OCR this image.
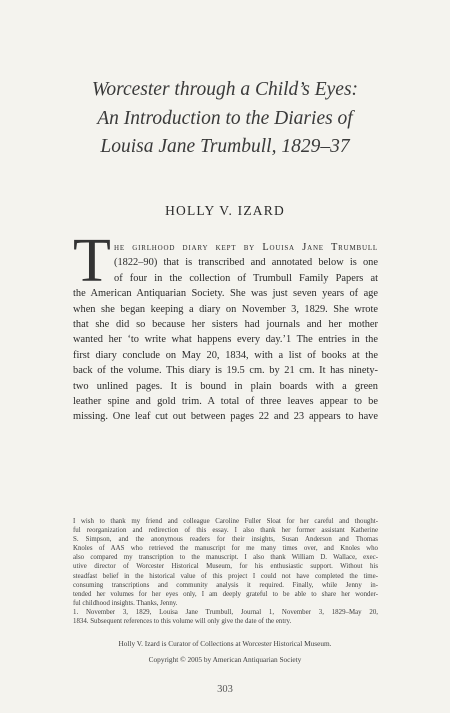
Worcester through a Child’s Eyes:
An Introduction to the Diaries of
Louisa Jane Trumbull, 1829–37
HOLLY V. IZARD
T he girlhood diary kept by Louisa Jane Trumbull
(1822–90) that is transcribed and annotated below is one
of four in the collection of Trumbull Family Papers at
the American Antiquarian Society. She was just seven years of age
when she began keeping a diary on November 3, 1829. She wrote
that she did so because her sisters had journals and her mother
wanted her ‘to write what happens every day.’1 The entries in the
first diary conclude on May 20, 1834, with a list of books at the
back of the volume. This diary is 19.5 cm. by 21 cm. It has ninety-
two unlined pages. It is bound in plain boards with a green
leather spine and gold trim. A total of three leaves appear to be
missing. One leaf cut out between pages 22 and 23 appears to have
I wish to thank my friend and colleague Caroline Fuller Sloat for her careful and thought-
ful reorganization and redirection of this essay. I also thank her former assistant Katherine
S. Simpson, and the anonymous readers for their insights, Susan Anderson and Thomas
Knoles of AAS who retrieved the manuscript for me many times over, and Knoles who
also compared my transcription to the manuscript. I also thank William D. Wallace, exec-
utive director of Worcester Historical Museum, for his enthusiastic support. Without his
steadfast belief in the historical value of this project I could not have completed the time-
consuming transcriptions and community analysis it required. Finally, while Jenny in-
tended her volumes for her eyes only, I am deeply grateful to be able to share her wonder-
ful childhood insights. Thanks, Jenny.
1. November 3, 1829, Louisa Jane Trumbull, Journal 1, November 3, 1829–May 20,
1834. Subsequent references to this volume will only give the date of the entry.
Holly V. Izard is Curator of Collections at Worcester Historical Museum.
Copyright © 2005 by American Antiquarian Society
303
